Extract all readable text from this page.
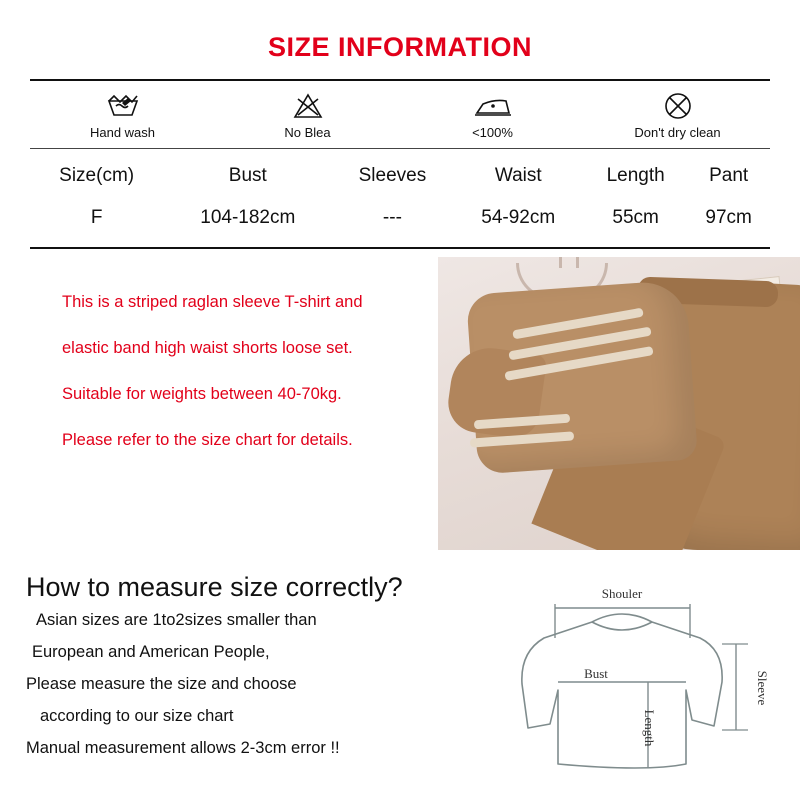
SIZE INFORMATION
Hand wash	No Blea	<100%	Don't dry clean
Size(cm)	Bust	Sleeves	Waist	Length	Pant
F	104-182cm	---	54-92cm	55cm	97cm

This is a striped raglan sleeve T-shirt and

elastic band high waist shorts loose set.

Suitable for weights between 40-70kg.

Please refer to the size chart for details.

How to measure size correctly?

Asian sizes are 1to2sizes smaller than

European and American People,

Please measure the size and choose

according to our size chart

Manual measurement allows 2-3cm error !!

Shouler
Bust
Length
Sleeve
